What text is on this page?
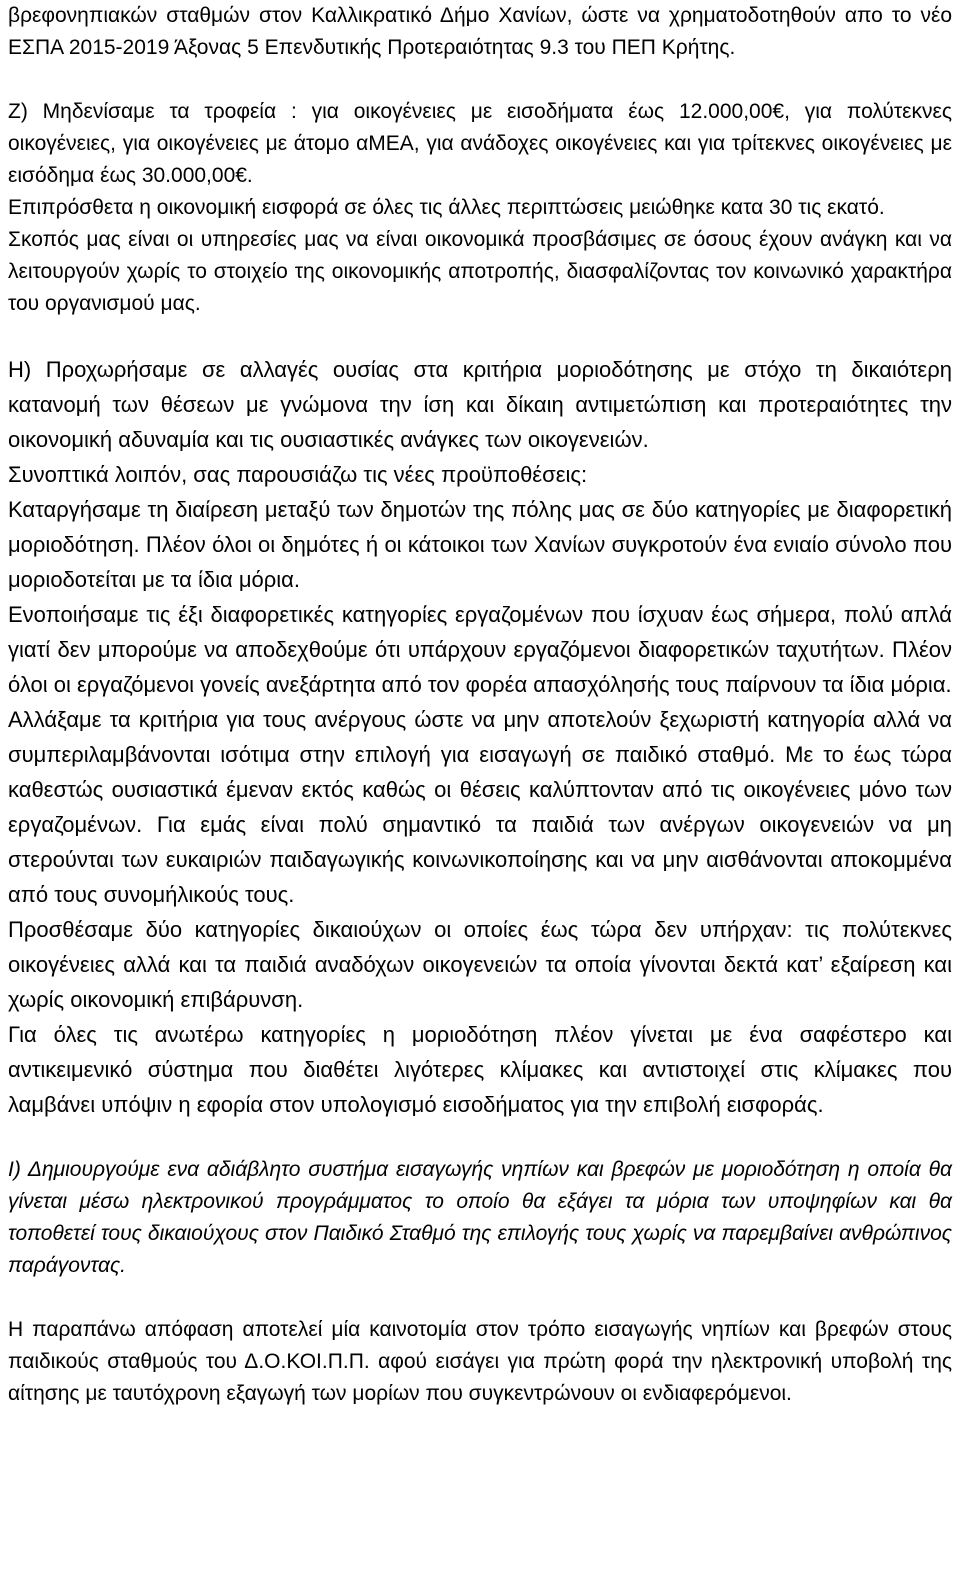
βρεφονηπιακών σταθμών στον Καλλικρατικό Δήμο Χανίων, ώστε να χρηματοδοτηθούν απο το νέο ΕΣΠΑ 2015-2019 Άξονας 5 Επενδυτικής Προτεραιότητας 9.3 του ΠΕΠ Κρήτης.

Ζ) Μηδενίσαμε τα τροφεία : για οικογένειες με εισοδήματα έως 12.000,00€, για πολύτεκνες οικογένειες, για οικογένειες με άτομο αΜΕΑ, για ανάδοχες οικογένειες και για τρίτεκνες οικογένειες με εισόδημα έως 30.000,00€.

Επιπρόσθετα η οικονομική εισφορά σε όλες τις άλλες περιπτώσεις μειώθηκε κατα 30 τις εκατό.

Σκοπός μας είναι οι υπηρεσίες μας να είναι οικονομικά προσβάσιμες σε όσους έχουν ανάγκη και να λειτουργούν χωρίς το στοιχείο της οικονομικής αποτροπής, διασφαλίζοντας τον κοινωνικό χαρακτήρα του οργανισμού μας.

Η) Προχωρήσαμε σε αλλαγές ουσίας στα κριτήρια μοριοδότησης με στόχο τη δικαιότερη κατανομή των θέσεων με γνώμονα την ίση και δίκαιη αντιμετώπιση και προτεραιότητες την οικονομική αδυναμία και τις ουσιαστικές ανάγκες των οικογενειών.

Συνοπτικά λοιπόν, σας παρουσιάζω τις νέες προϋποθέσεις:

Καταργήσαμε τη διαίρεση μεταξύ των δημοτών της πόλης μας σε δύο κατηγορίες με διαφορετική μοριοδότηση. Πλέον όλοι οι δημότες ή οι κάτοικοι των Χανίων συγκροτούν ένα ενιαίο σύνολο που μοριοδοτείται με τα ίδια μόρια.

Ενοποιήσαμε τις έξι διαφορετικές κατηγορίες εργαζομένων που ίσχυαν έως σήμερα, πολύ απλά γιατί δεν μπορούμε να αποδεχθούμε ότι υπάρχουν εργαζόμενοι διαφορετικών ταχυτήτων. Πλέον όλοι οι εργαζόμενοι γονείς ανεξάρτητα από τον φορέα απασχόλησής τους παίρνουν τα ίδια μόρια.

Αλλάξαμε τα κριτήρια για τους ανέργους ώστε να μην αποτελούν ξεχωριστή κατηγορία αλλά να συμπεριλαμβάνονται ισότιμα στην επιλογή για εισαγωγή σε παιδικό σταθμό. Με το έως τώρα καθεστώς ουσιαστικά έμεναν εκτός καθώς οι θέσεις καλύπτονταν από τις οικογένειες μόνο των εργαζομένων. Για εμάς είναι πολύ σημαντικό τα παιδιά των ανέργων οικογενειών να μη στερούνται των ευκαιριών παιδαγωγικής κοινωνικοποίησης και να μην αισθάνονται αποκομμένα από τους συνομήλικούς τους.

Προσθέσαμε δύο κατηγορίες δικαιούχων οι οποίες έως τώρα δεν υπήρχαν: τις πολύτεκνες οικογένειες αλλά και τα παιδιά αναδόχων οικογενειών τα οποία γίνονται δεκτά κατ’ εξαίρεση και χωρίς οικονομική επιβάρυνση.

Για όλες τις ανωτέρω κατηγορίες η μοριοδότηση πλέον γίνεται με ένα σαφέστερο και αντικειμενικό σύστημα που διαθέτει λιγότερες κλίμακες και αντιστοιχεί στις κλίμακες που λαμβάνει υπόψιν η εφορία στον υπολογισμό εισοδήματος για την επιβολή εισφοράς.

Ι) Δημιουργούμε ενα αδιάβλητο συστήμα εισαγωγής νηπίων και βρεφών με μοριοδότηση η οποία θα γίνεται μέσω ηλεκτρονικού προγράμματος το οποίο θα εξάγει τα μόρια των υποψηφίων και θα τοποθετεί τους δικαιούχους στον Παιδικό Σταθμό της επιλογής τους χωρίς να παρεμβαίνει ανθρώπινος παράγοντας.

Η παραπάνω απόφαση αποτελεί μία καινοτομία στον τρόπο εισαγωγής νηπίων και βρεφών στους παιδικούς σταθμούς του Δ.Ο.ΚΟΙ.Π.Π. αφού εισάγει για πρώτη φορά την ηλεκτρονική υποβολή της αίτησης με ταυτόχρονη εξαγωγή των μορίων που συγκεντρώνουν οι ενδιαφερόμενοι.
